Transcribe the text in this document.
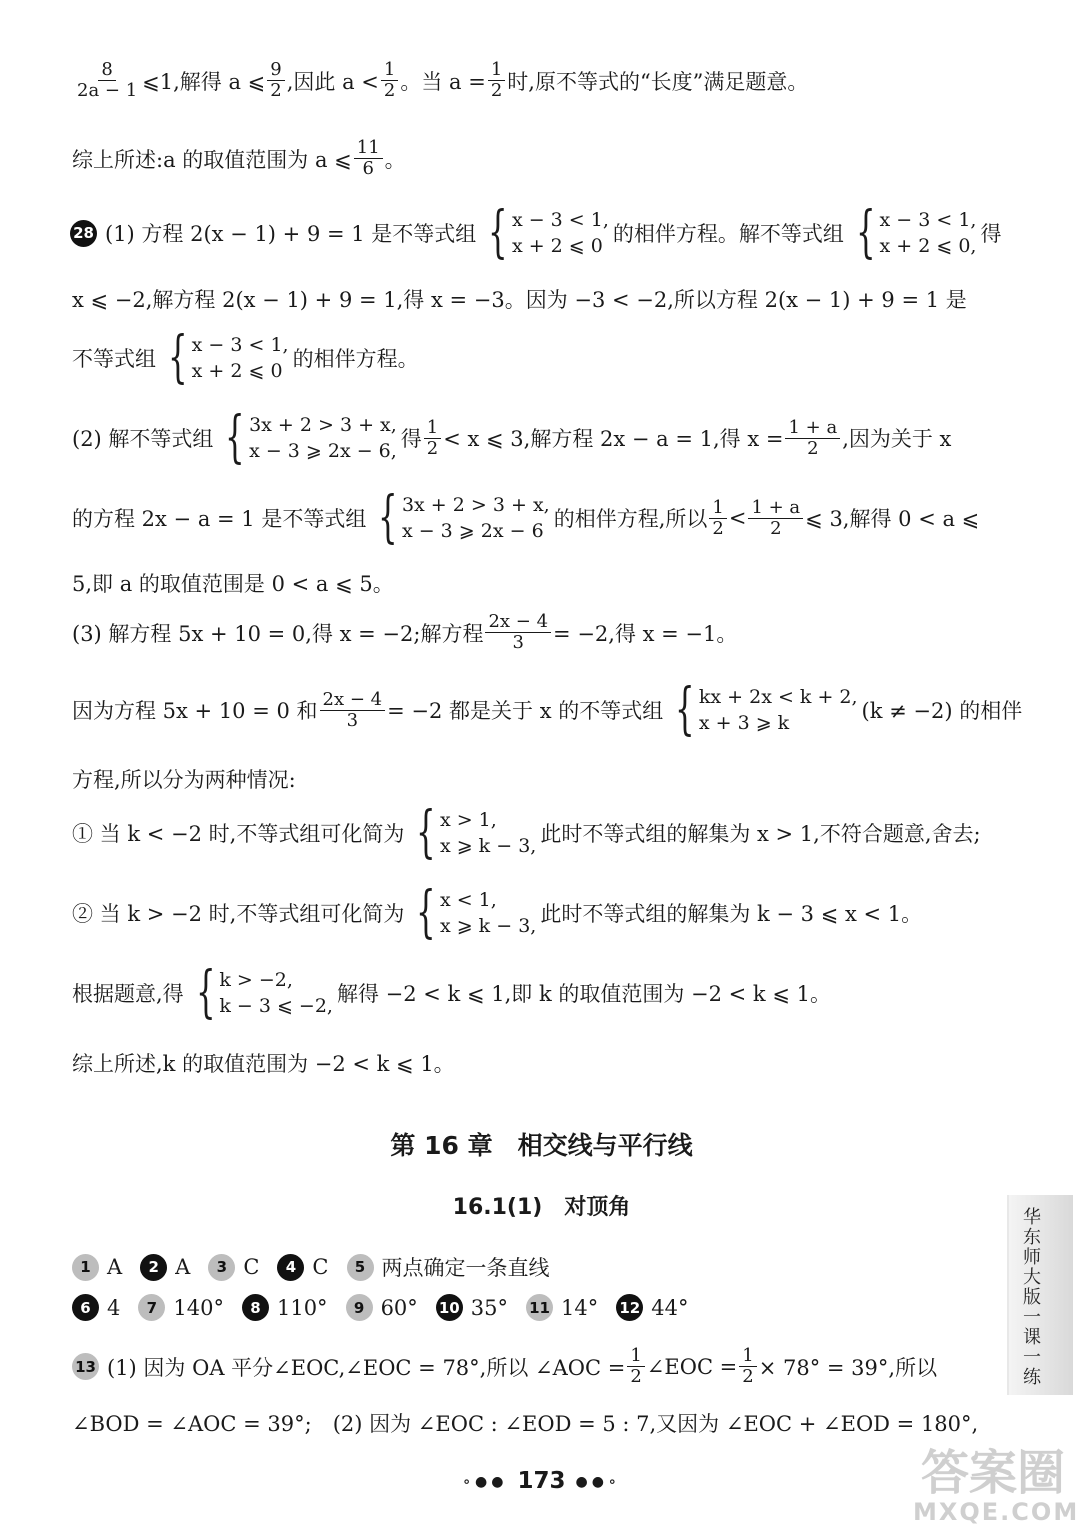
$\frac{8}{2a - 1}$ ⩽1,解得 a ⩽ $\frac{9}{2}$ ,因此 $a < \frac{1}{2}$ 。当 $a = \frac{1}{2}$ 时,原不等式的“长度”满足题意。
综上所述:a 的取值范围为 a ⩽ $\frac{11}{6}$ 。
28 (1) 方程 2(x − 1) + 9 = 1 是不等式组 { x − 3 < 1,
x + 2 ⩽ 0 的相伴方程。解不等式组 { x − 3 < 1,
x + 2 ⩽ 0, 得
x ⩽ −2,解方程 2(x − 1) + 9 = 1,得 x = −3。因为 −3 < −2,所以方程 2(x − 1) + 9 = 1 是
不等式组 { x − 3 < 1,
x + 2 ⩽ 0 的相伴方程。
(2) 解不等式组 { 3x + 2 > 3 + x,
x − 3 ⩾ 2x − 6, 得 $\frac{1}{2} < x$ ⩽ 3,解方程 2x − a = 1,得 $x = \frac{1 + a}{2}$ ,因为关于 x
的方程 2x − a = 1 是不等式组 { 3x + 2 > 3 + x,
x − 3 ⩾ 2x − 6 的相伴方程,所以 $\frac{1}{2} < \frac{1 + a}{2}$ ⩽ 3,解得 0 < a ⩽
5,即 a 的取值范围是 0 < a ⩽ 5。
(3) 解方程 5x + 10 = 0,得 x = −2;解方程 $\frac{2x - 4}{3} = -2$,得 x = −1。
因为方程 5x + 10 = 0 和 $\frac{2x - 4}{3} = -2$ 都是关于 x 的不等式组 { kx + 2x < k + 2,
x + 3 ⩾ k	(k ≠ −2) 的相伴
方程,所以分为两种情况:
① 当 k < −2 时,不等式组可化简为 { x > 1,
x ⩾ k − 3, 此时不等式组的解集为 x > 1,不符合题意,舍去;
② 当 k > −2 时,不等式组可化简为 { x < 1,
x ⩾ k − 3, 此时不等式组的解集为 k − 3 ⩽ x < 1。
根据题意,得 { k > −2,
k − 3 ⩽ −2, 解得 −2 < k ⩽ 1,即 k 的取值范围为 −2 < k ⩽ 1。
综上所述,k 的取值范围为 −2 < k ⩽ 1。
第 16 章　相交线与平行线
16.1(1)　对顶角
1 A	2 A	3 C	4 C	5 两点确定一条直线
6 4	7 140°	8 110°	9 60° 10 35° 11 14° 12 44°
13 (1) 因为 OA 平分∠EOC,∠EOC = 78°,所以 ∠AOC = $\frac{1}{2}$ ∠EOC = $\frac{1}{2} \times 78^\circ = 39^\circ$,所以
∠BOD = ∠AOC = 39°;　(2) 因为 ∠EOC : ∠EOD = 5 : 7,又因为 ∠EOC + ∠EOD = 180°,
华东师大版一课一练
∘●● 173 ●●∘	答案圈
MXQE.COM
